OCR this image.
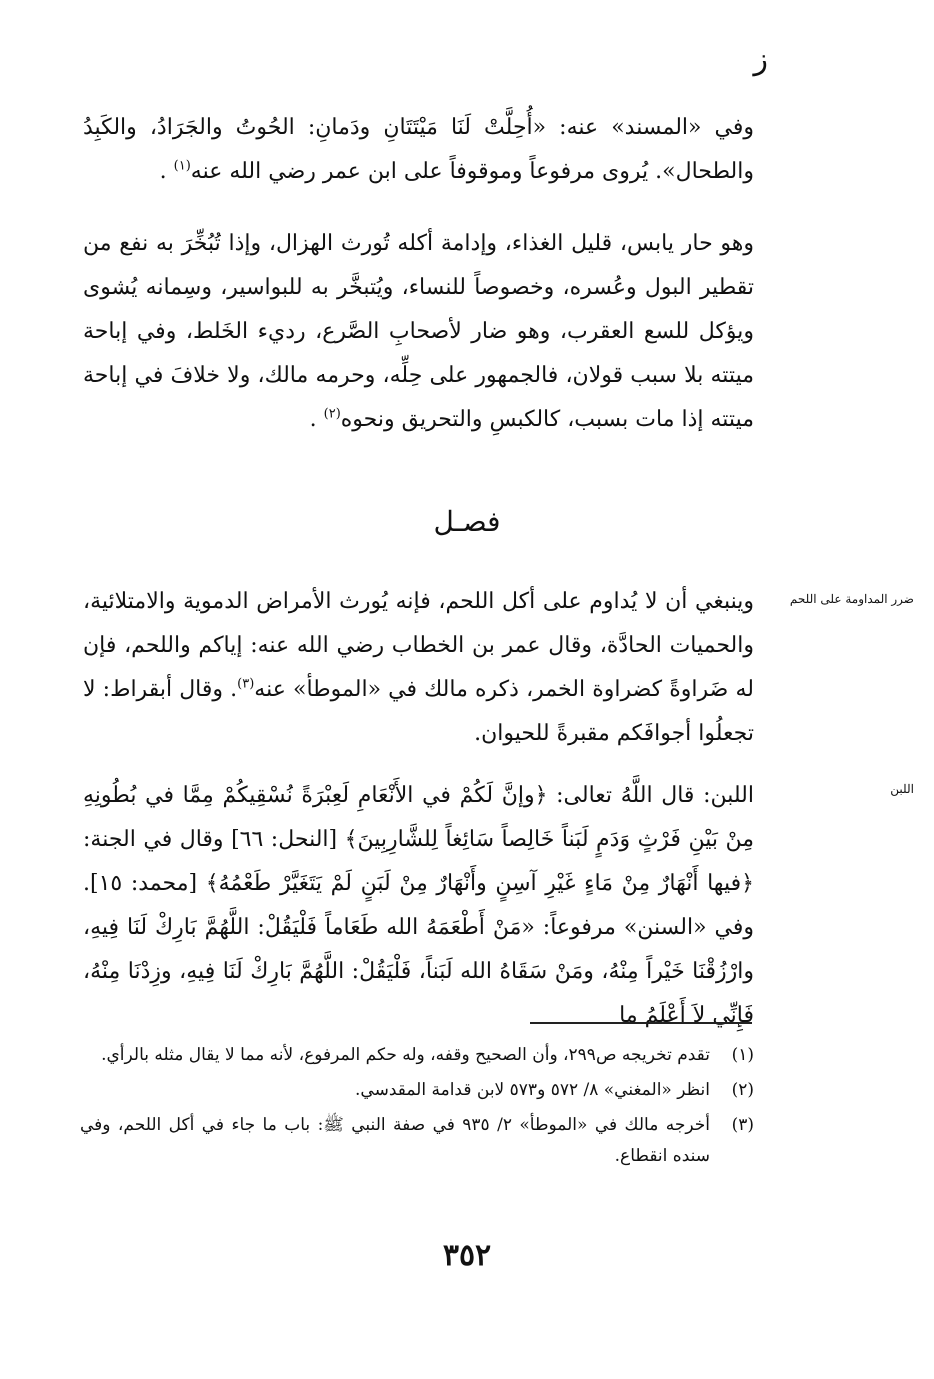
ز

وفي «المسند» عنه: «أُحِلَّتْ لَنَا مَيْتَتَانِ ودَمانِ: الحُوتُ والجَرَادُ، والكَبِدُ والطحال». يُروى مرفوعاً وموقوفاً على ابن عمر رضي الله عنه$^{(١)}$ .

وهو حار يابس، قليل الغذاء، وإدامة أكله تُورث الهزال، وإذا تُبُخِّرَ به نفع من تقطير البول وعُسره، وخصوصاً للنساء، ويُتبخَّر به للبواسير، وسِمانه يُشوى ويؤكل للسع العقرب، وهو ضار لأصحابِ الصَّرع، رديء الخَلط، وفي إباحة ميتته بلا سبب قولان، فالجمهور على حِلِّه، وحرمه مالك، ولا خلافَ في إباحة ميتته إذا مات بسبب، كالكبسِ والتحريق ونحوه$^{(٢)}$ .

فصـل
ضرر المداومة على اللحم

وينبغي أن لا يُداوم على أكل اللحم، فإنه يُورث الأمراض الدموية والامتلائية، والحميات الحادَّة، وقال عمر بن الخطاب رضي الله عنه: إياكم واللحم، فإن له ضَراوةً كضراوة الخمر، ذكره مالك في «الموطأ» عنه$^{(٣)}$. وقال أبقراط: لا تجعلُوا أجوافَكم مقبرةً للحيوان.

اللبن

اللبن: قال اللَّهُ تعالى: ﴿وإنَّ لَكُمْ في الأَنْعَامِ لَعِبْرَةً نُسْقِيكُمْ مِمَّا في بُطُونِهِ مِنْ بَيْنِ فَرْثٍ وَدَمٍ لَبَناً خَالِصاً سَائِغاً لِلشَّارِبِينَ﴾ [النحل: ٦٦] وقال في الجنة: ﴿فيها أَنْهَارٌ مِنْ مَاءٍ غَيْرِ آسِنٍ وأَنْهَارٌ مِنْ لَبَنٍ لَمْ يَتَغَيَّرْ طَعْمُهُ﴾ [محمد: ١٥]. وفي «السنن» مرفوعاً: «مَنْ أَطْعَمَهُ الله طَعَاماً فَلْيَقُلْ: اللَّهُمَّ بَارِكْ لَنَا فِيهِ، وارْزُقْنَا خَيْراً مِنْهُ، ومَنْ سَقَاهُ الله لَبَناً، فَلْيَقُلْ: اللَّهُمَّ بَارِكْ لَنَا فِيهِ، وزِدْنَا مِنْهُ، فَإِنِّي لاَ أَعْلَمُ ما

(١)
تقدم تخريجه ص٢٩٩، وأن الصحيح وقفه، وله حكم المرفوع، لأنه مما لا يقال مثله بالرأي.
(٢)
انظر «المغني» ٨/ ٥٧٢ و٥٧٣ لابن قدامة المقدسي.
(٣)
أخرجه مالك في «الموطأ» ٢/ ٩٣٥ في صفة النبي ﷺ: باب ما جاء في أكل اللحم، وفي سنده انقطاع.
٣٥٢
